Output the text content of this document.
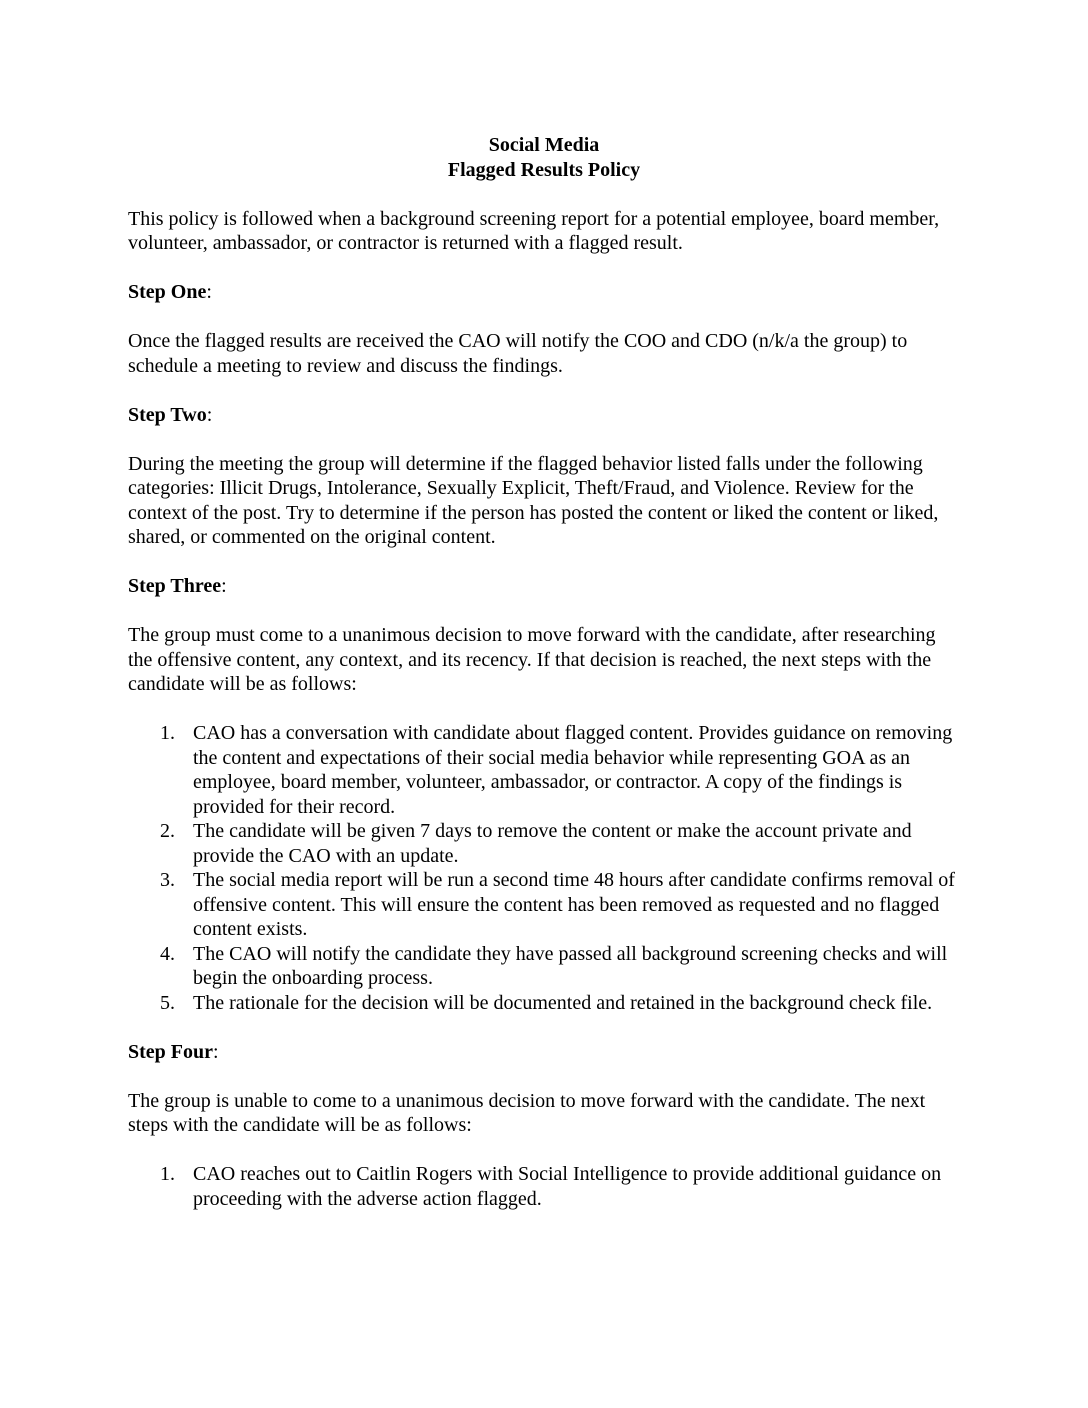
Social Media
Flagged Results Policy

This policy is followed when a background screening report for a potential employee, board member, volunteer, ambassador, or contractor is returned with a flagged result.

Step One:

Once the flagged results are received the CAO will notify the COO and CDO (n/k/a the group) to schedule a meeting to review and discuss the findings.

Step Two:

During the meeting the group will determine if the flagged behavior listed falls under the following categories: Illicit Drugs, Intolerance, Sexually Explicit, Theft/Fraud, and Violence. Review for the context of the post. Try to determine if the person has posted the content or liked the content or liked, shared, or commented on the original content.

Step Three:

The group must come to a unanimous decision to move forward with the candidate, after researching the offensive content, any context, and its recency. If that decision is reached, the next steps with the candidate will be as follows:

CAO has a conversation with candidate about flagged content. Provides guidance on removing the content and expectations of their social media behavior while representing GOA as an employee, board member, volunteer, ambassador, or contractor. A copy of the findings is provided for their record.
The candidate will be given 7 days to remove the content or make the account private and provide the CAO with an update.
The social media report will be run a second time 48 hours after candidate confirms removal of offensive content. This will ensure the content has been removed as requested and no flagged content exists.
The CAO will notify the candidate they have passed all background screening checks and will begin the onboarding process.
The rationale for the decision will be documented and retained in the background check file.

Step Four:

The group is unable to come to a unanimous decision to move forward with the candidate. The next steps with the candidate will be as follows:

CAO reaches out to Caitlin Rogers with Social Intelligence to provide additional guidance on proceeding with the adverse action flagged.
